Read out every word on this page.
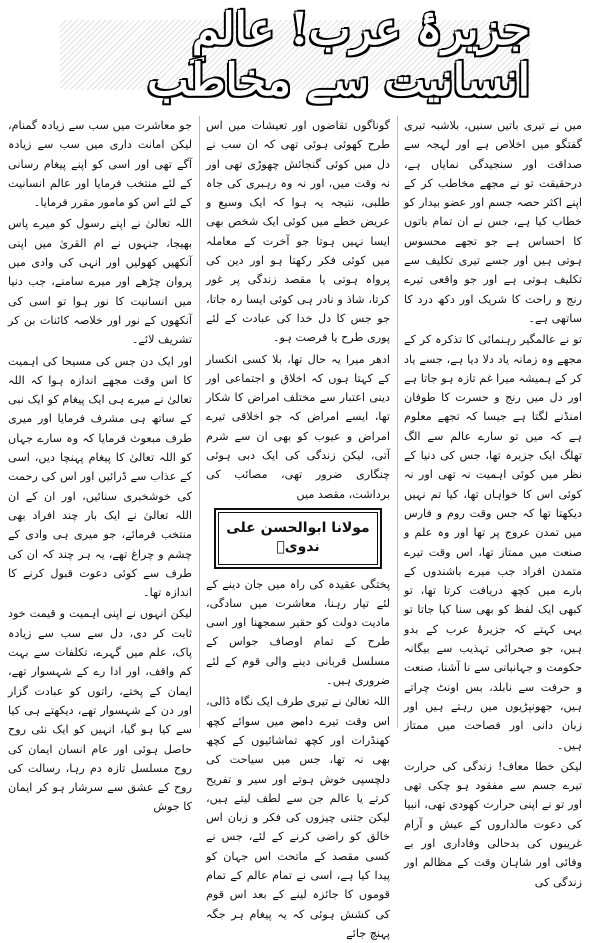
جزیرۂ عرب! عالمِ انسانیت سے مخاطب

میں نے تیری باتیں سنیں، بلاشبہ تیری گفتگو میں اخلاص ہے اور لہجہ سے صداقت اور سنجیدگی نمایاں ہے، درحقیقت تو نے مجھے مخاطب کر کے اپنے اکثر حصہ جسم اور عضو بیدار کو خطاب کیا ہے، جس نے ان تمام باتوں کا احساس ہے جو تجھے محسوس ہوتی ہیں اور جسے تیری تکلیف سے تکلیف ہوتی ہے اور جو واقعی تیرے رنج و راحت کا شریک اور دکھ درد کا ساتھی ہے۔

تو نے عالمگیر رہنمائی کا تذکرہ کر کے مجھے وہ زمانہ یاد دلا دیا ہے، جسے یاد کر کے ہمیشہ میرا غم تازہ ہو جاتا ہے اور دل میں رنج و حسرت کا طوفان امنڈنے لگتا ہے جیسا کہ تجھے معلوم ہے کہ میں تو سارے عالم سے الگ تھلگ ایک جزیرہ تھا، جس کی دنیا کے نظر میں کوئی اہمیت نہ تھی اور نہ کوئی اس کا خواہاں تھا، کیا تم نہیں دیکھتا تھا کہ جس وقت روم و فارس میں تمدن عروج پر تھا اور وہ علم و صنعت میں ممتاز تھا، اس وقت تیرے متمدن افراد جب میرے باشندوں کے بارے میں کچھ دریافت کرتا تھا، تو کبھی ایک لفظ کو بھی سنا کیا جاتا تو یہی کہتے کہ جزیرۂ عرب کے بدو ہیں، جو صحرائی تہذیب سے بیگانہ حکومت و جہانبانی سے نا آشنا، صنعت و حرفت سے نابلد، بس اونٹ چراتے ہیں، جھونپڑیوں میں رہتے ہیں اور زبان دانی اور فصاحت میں ممتاز ہیں۔

لیکن خطا معاف! زندگی کی حرارت تیرے جسم سے مفقود ہو چکی تھی اور تو نے اپنی حرارت کھودی تھی، انبیا کی دعوت مالداروں کے عیش و آرام غریبوں کی بدحالی وفاداری اور بے وفائی اور شاہان وقت کے مظالم اور زندگی کی

گوناگوں تقاضوں اور تعیشات میں اس طرح کھوئی ہوئی تھی کہ ان سب نے دل میں کوئی گنجائش چھوڑی تھی اور نہ وقت میں، اور نہ وہ رہبری کی جاہ طلبی، نتیجہ یہ ہوا کہ ایک وسیع و عریض خطے میں کوئی ایک شخص بھی ایسا نہیں ہوتا جو آخرت کے معاملہ میں کوئی فکر رکھتا ہو اور دین کی پرواہ ہوتی یا مقصد زندگی پر غور کرتا، شاذ و نادر ہی کوئی ایسا رہ جاتا، جو جس کا دل خدا کی عبادت کے لئے پوری طرح یا فرصت ہو۔

ادھر میرا یہ حال تھا، بلا کسی انکسار کے کہتا ہوں کہ اخلاق و اجتماعی اور دینی اعتبار سے مختلف امراض کا شکار تھا، ایسے امراض کہ جو اخلاقی تیرے امراض و عیوب کو بھی ان سے شرم آتی، لیکن زندگی کی ایک دبی ہوئی چنگاری ضرور تھی، مصائب کی برداشت، مقصد میں

مولانا ابوالحسن علی ندویؒ

پختگی عقیدہ کی راہ میں جان دینے کے لئے تیار رہنا، معاشرت میں سادگی، مادیت دولت کو حقیر سمجھنا اور اسی طرح کے تمام اوصاف جواس کے مسلسل قربانی دینے والی قوم کے لئے ضروری ہیں۔

اللہ تعالیٰ نے تیری طرف ایک نگاہ ڈالی، اس وقت تیرے دامن میں سوائے کچھ کھنڈرات اور کچھ تماشائیوں کے کچھ بھی نہ تھا، جس میں سیاحت کی دلچسپی خوش ہوتے اور سیر و تفریح کرتے یا عالم جن سے لطف لیتے ہیں، لیکن جتنی چیزوں کی فکر و زبان اس خالق کو راضی کرنے کے لئے، جس نے کسی مقصد کے ماتحت اس جہان کو پیدا کیا ہے، اسی نے تمام عالم کے تمام قوموں کا جائزہ لینے کے بعد اس قوم کی کشش ہوئی کہ یہ پیغام ہر جگہ پہنچ جائے

جو معاشرت میں سب سے زیادہ گمنام، لیکن امانت داری میں سب سے زیادہ آگے تھی اور اسی کو اپنے پیغام رسانی کے لئے منتخب فرمایا اور عالم انسانیت کے لئے اس کو مامور مقرر فرمایا۔

اللہ تعالیٰ نے اپنے رسول کو میرے پاس بھیجا، جنہوں نے ام القریٰ میں اپنی آنکھیں کھولیں اور انہی کی وادی میں پروان چڑھے اور میرے سامنے، جب دنیا میں انسانیت کا نور ہوا تو اسی کی آنکھوں کے نور اور خلاصہ کائنات بن کر تشریف لائے۔

اور ایک دن جس کی مسیحا کی اہمیت کا اس وقت مجھے اندازہ ہوا کہ اللہ تعالیٰ نے میرے ہی ایک پیغام کو ایک نبی کے ساتھ ہی مشرف فرمایا اور میری طرف مبعوث فرمایا کہ وہ سارے جہاں کو اللہ تعالیٰ کا پیغام پہنچا دیں، اسی کے عذاب سے ڈرائیں اور اس کی رحمت کی خوشخبری سنائیں، اور ان کے ان اللہ تعالیٰ نے ایک بار چند افراد بھی منتخب فرمائے، جو میری ہی وادی کے چشم و چراغ تھے، یہ ہر چند کہ ان کی طرف سے کوئی دعوت قبول کرنے کا اندازہ تھا۔

لیکن انہوں نے اپنی اہمیت و قیمت خود ثابت کر دی، دل سے سب سے زیادہ پاک، علم میں گہرے، تکلفات سے بہت کم واقف، اور ادا رے کے شہسوار تھے، ایمان کے پختے، راتوں کو عبادت گزار اور دن کے شہسوار تھے، دیکھتے ہی کیا سے کیا ہو گیا، انہیں کو ایک نئی روح حاصل ہوئی اور عام انسان ایمان کی روح مسلسل تازہ دم رہا، رسالت کی روح کے عشق سے سرشار ہو کر ایمان کا جوش
